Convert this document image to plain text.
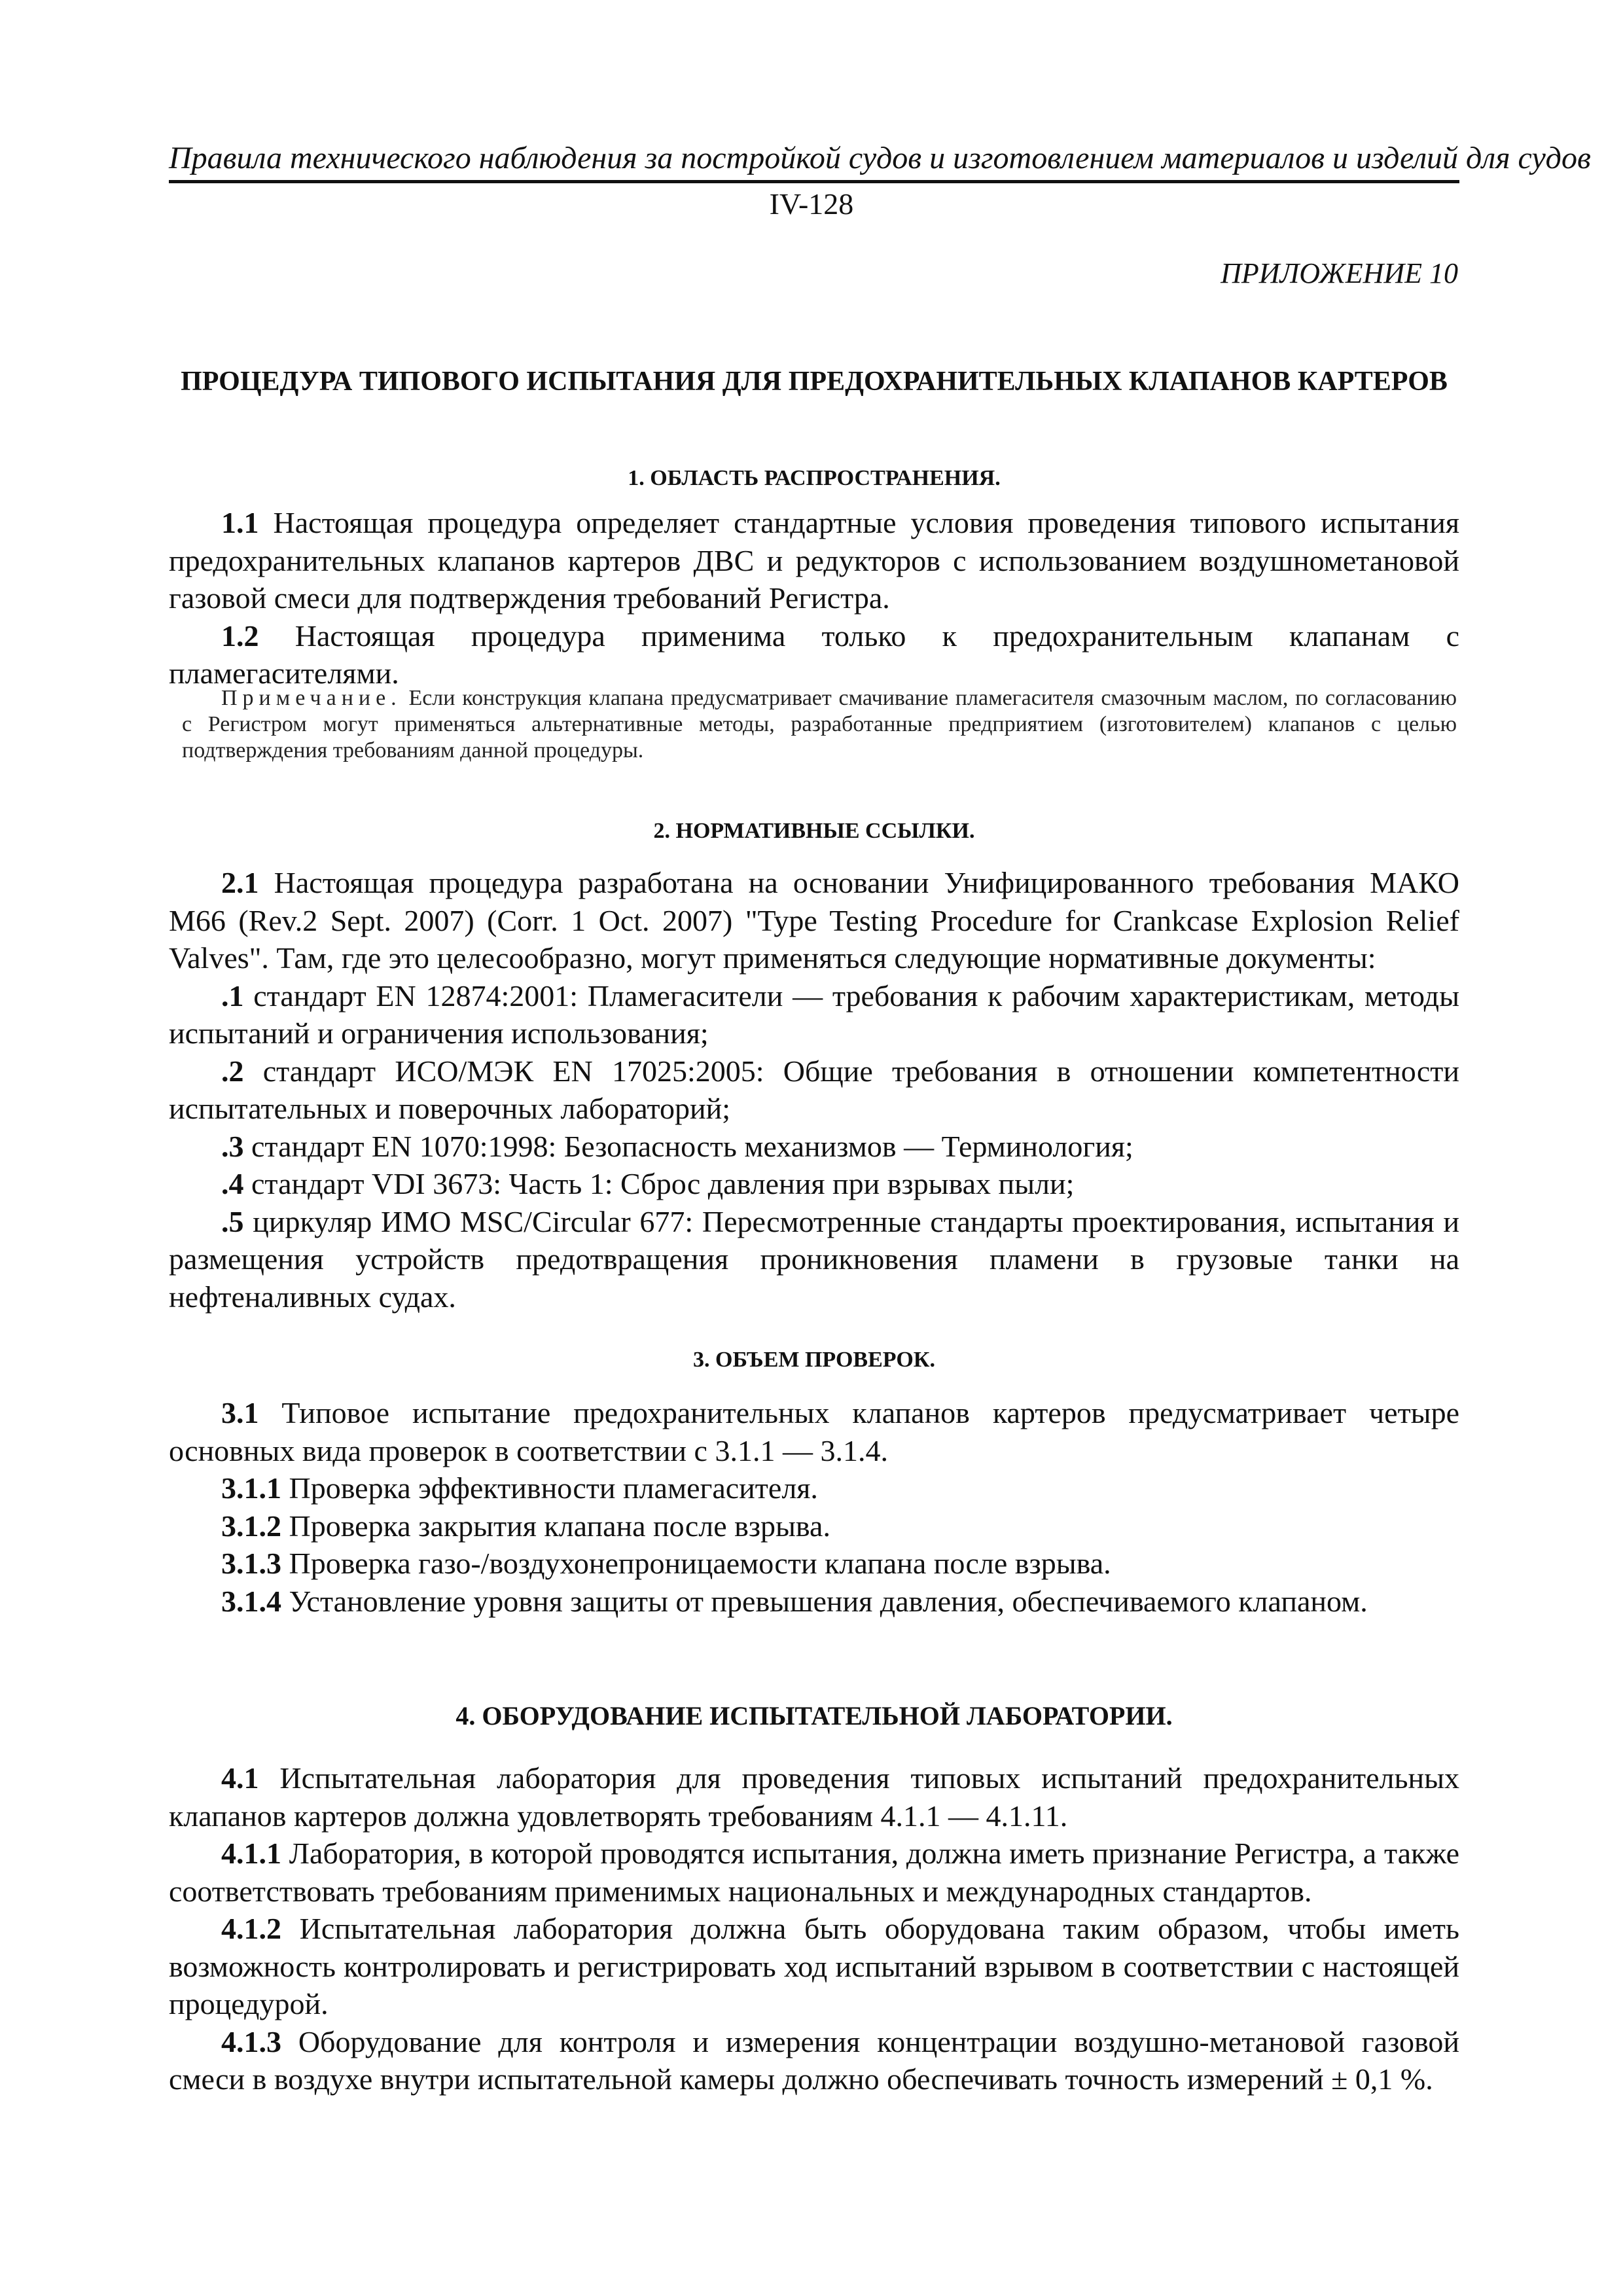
Правила технического наблюдения за постройкой судов и изготовлением материалов и изделий для судов
IV-128
ПРИЛОЖЕНИЕ 10
ПРОЦЕДУРА ТИПОВОГО ИСПЫТАНИЯ ДЛЯ ПРЕДОХРАНИТЕЛЬНЫХ КЛАПАНОВ КАРТЕРОВ
1. ОБЛАСТЬ РАСПРОСТРАНЕНИЯ.

1.1 Настоящая процедура определяет стандартные условия проведения типового испытания предохранительных клапанов картеров ДВС и редукторов с использованием воздушнометановой газовой смеси для подтверждения требований Регистра.

1.2 Настоящая процедура применима только к предохранительным клапанам с пламегасителями.

Примечание. Если конструкция клапана предусматривает смачивание пламегасителя смазочным маслом, по согласованию с Регистром могут применяться альтернативные методы, разработанные предприятием (изготовителем) клапанов с целью подтверждения требованиям данной процедуры.

2. НОРМАТИВНЫЕ ССЫЛКИ.

2.1 Настоящая процедура разработана на основании Унифицированного требования МАКО M66 (Rev.2 Sept. 2007) (Corr. 1 Oct. 2007) "Type Testing Procedure for Crankcase Explosion Relief Valves". Там, где это целесообразно, могут применяться следующие нормативные документы:

.1 стандарт EN 12874:2001: Пламегасители — требования к рабочим характеристикам, методы испытаний и ограничения использования;

.2 стандарт ИСО/МЭК EN 17025:2005: Общие требования в отношении компетентности испытательных и поверочных лабораторий;

.3 стандарт EN 1070:1998: Безопасность механизмов — Терминология;

.4 стандарт VDI 3673: Часть 1: Сброс давления при взрывах пыли;

.5 циркуляр ИМО MSC/Circular 677: Пересмотренные стандарты проектирования, испытания и размещения устройств предотвращения проникновения пламени в грузовые танки на нефтеналивных судах.

3. ОБЪЕМ ПРОВЕРОК.

3.1 Типовое испытание предохранительных клапанов картеров предусматривает четыре основных вида проверок в соответствии с 3.1.1 — 3.1.4.

3.1.1 Проверка эффективности пламегасителя.

3.1.2 Проверка закрытия клапана после взрыва.

3.1.3 Проверка газо-/воздухонепроницаемости клапана после взрыва.

3.1.4 Установление уровня защиты от превышения давления, обеспечиваемого клапаном.

4. ОБОРУДОВАНИЕ ИСПЫТАТЕЛЬНОЙ ЛАБОРАТОРИИ.

4.1 Испытательная лаборатория для проведения типовых испытаний предохранительных клапанов картеров должна удовлетворять требованиям 4.1.1 — 4.1.11.

4.1.1 Лаборатория, в которой проводятся испытания, должна иметь признание Регистра, а также соответствовать требованиям применимых национальных и международных стандартов.

4.1.2 Испытательная лаборатория должна быть оборудована таким образом, чтобы иметь возможность контролировать и регистрировать ход испытаний взрывом в соответствии с настоящей процедурой.

4.1.3 Оборудование для контроля и измерения концентрации воздушно-метановой газовой смеси в воздухе внутри испытательной камеры должно обеспечивать точность измерений ± 0,1 %.
